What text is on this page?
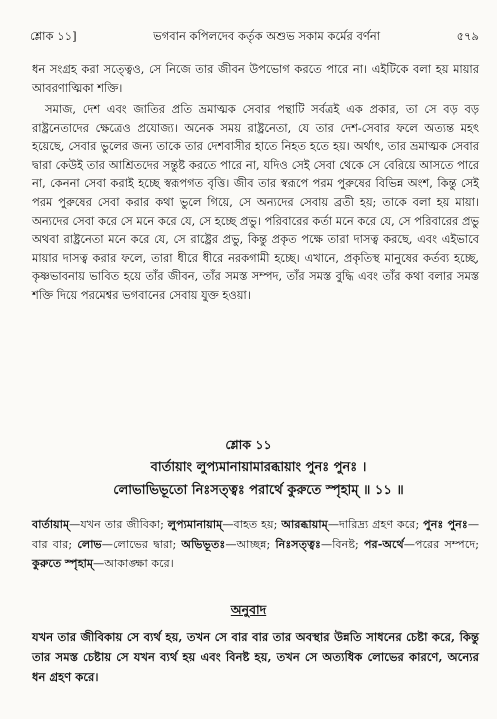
শ্লোক ১১]	ভগবান কপিলদেব কর্তৃক অশুভ সকাম কর্মের বর্ণনা	৫৭৯

ধন সংগ্রহ করা সত্ত্বেও, সে নিজে তার জীবন উপভোগ করতে পারে না। এইটিকে বলা হয় মায়ার আবরণাত্মিকা শক্তি।

সমাজ, দেশ এবং জাতির প্রতি ভ্রমাত্মক সেবার পন্থাটি সর্বত্রই এক প্রকার, তা সে বড় বড় রাষ্ট্রনেতাদের ক্ষেত্রেও প্রযোজ্য। অনেক সময় রাষ্ট্রনেতা, যে তার দেশ-সেবার ফলে অত্যন্ত মহৎ হয়েছে, সেবার ভুলের জন্য তাকে তার দেশবাসীর হাতে নিহত হতে হয়। অর্থাৎ, তার ভ্রমাত্মক সেবার দ্বারা কেউই তার আশ্রিতদের সন্তুষ্ট করতে পারে না, যদিও সেই সেবা থেকে সে বেরিয়ে আসতে পারে না, কেননা সেবা করাই হচ্ছে স্বরূপগত বৃত্তি। জীব তার স্বরূপে পরম পুরুষের বিভিন্ন অংশ, কিন্তু সেই পরম পুরুষের সেবা করার কথা ভুলে গিয়ে, সে অন্যদের সেবায় ব্রতী হয়; তাকে বলা হয় মায়া। অন্যদের সেবা করে সে মনে করে যে, সে হচ্ছে প্রভু। পরিবারের কর্তা মনে করে যে, সে পরিবারের প্রভু অথবা রাষ্ট্রনেতা মনে করে যে, সে রাষ্ট্রের প্রভু, কিন্তু প্রকৃত পক্ষে তারা দাসত্ব করছে, এবং এইভাবে মায়ার দাসত্ব করার ফলে, তারা ধীরে ধীরে নরকগামী হচ্ছে। এখানে, প্রকৃতিস্থ মানুষের কর্তব্য হচ্ছে, কৃষ্ণভাবনায় ভাবিত হয়ে তাঁর জীবন, তাঁর সমস্ত সম্পদ, তাঁর সমস্ত বুদ্ধি এবং তাঁর কথা বলার সমস্ত শক্তি দিয়ে পরমেশ্বর ভগবানের সেবায় যুক্ত হওয়া।

শ্লোক ১১
বার্তায়াং লুপ্যমানায়ামারব্ধায়াং পুনঃ পুনঃ ।
লোভাভিভূতো নিঃসত্ত্বঃ পরার্থে কুরুতে স্পৃহাম্‌ ॥ ১১ ॥

বার্তায়াম্—যখন তার জীবিকা; লুপ্যমানায়াম্—বাহত হয়; আরব্ধায়াম্—দারিদ্র্য গ্রহণ করে; পুনঃ পুনঃ—বার বার; লোভ—লোভের দ্বারা; অভিভূতঃ—আচ্ছন্ন; নিঃসত্ত্বঃ—বিনষ্ট; পর-অর্থে—পরের সম্পদে; কুরুতে স্পৃহাম্—আকাঙ্ক্ষা করে।

অনুবাদ

যখন তার জীবিকায় সে ব্যর্থ হয়, তখন সে বার বার তার অবস্থার উন্নতি সাধনের চেষ্টা করে, কিন্তু তার সমস্ত চেষ্টায় সে যখন ব্যর্থ হয় এবং বিনষ্ট হয়, তখন সে অত্যধিক লোভের কারণে, অন্যের ধন গ্রহণ করে।
